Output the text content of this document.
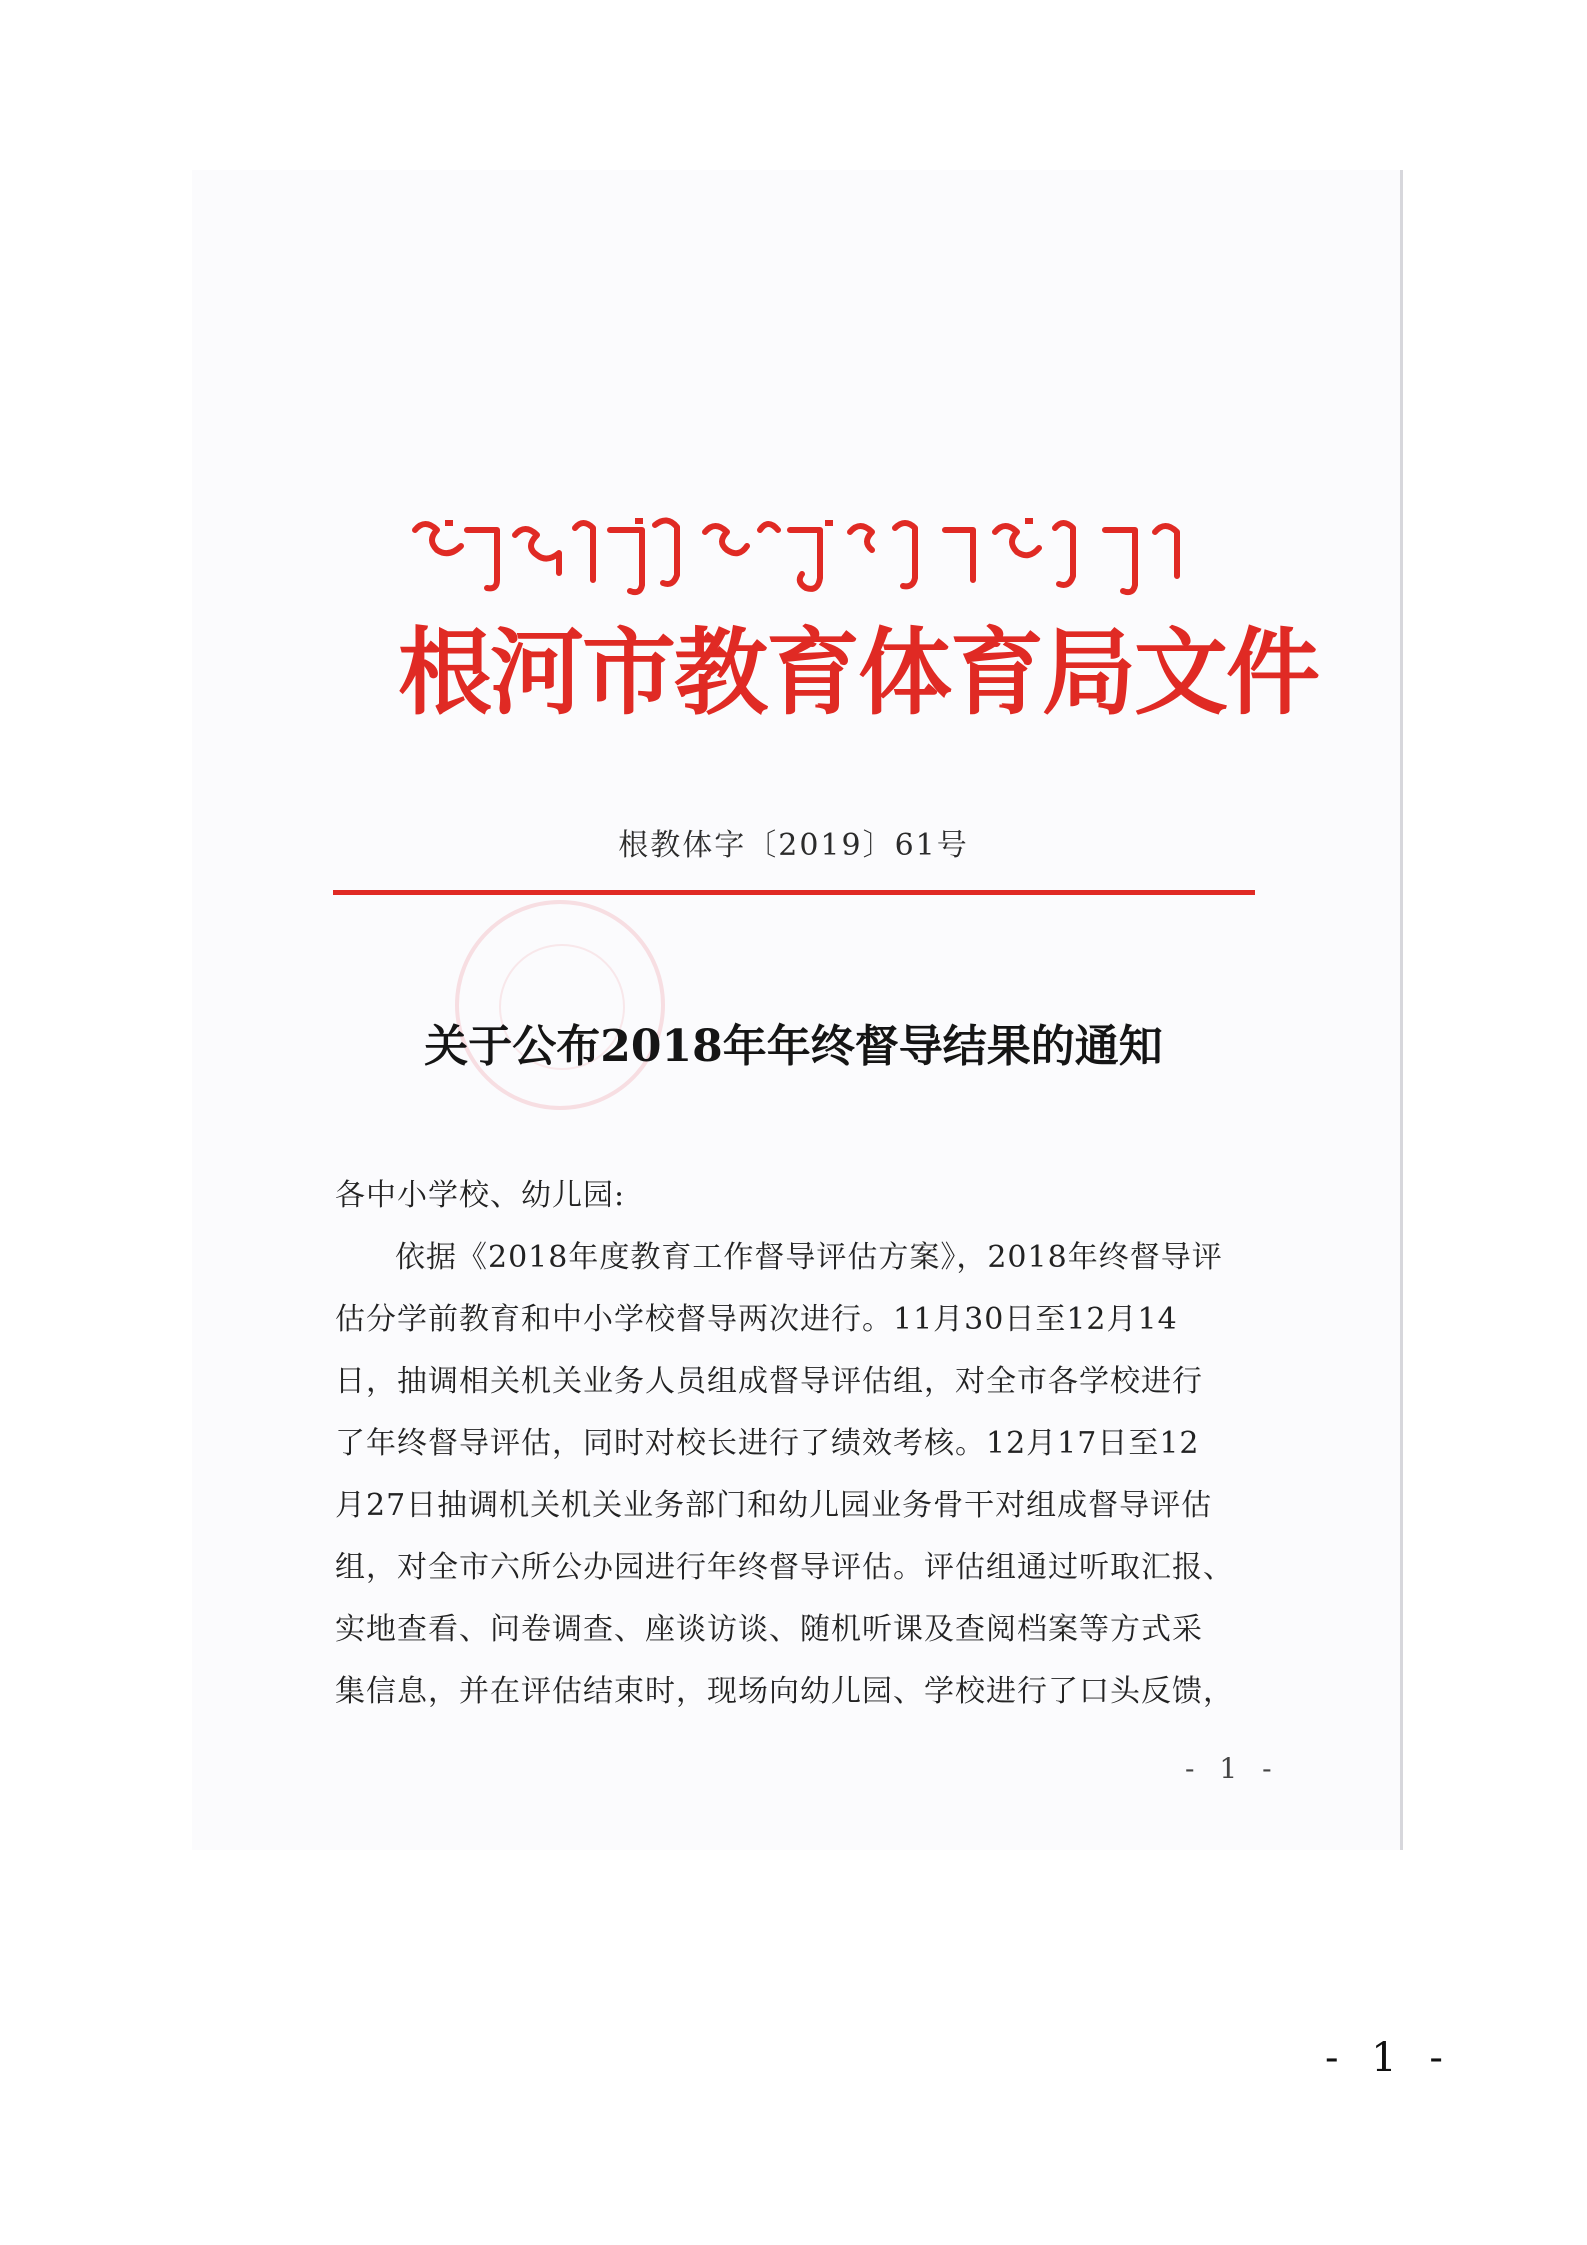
根河市教育体育局文件
根教体字〔2019〕61号
关于公布2018年年终督导结果的通知
各中小学校、幼儿园:
依据《2018年度教育工作督导评估方案》，2018年终督导评
估分学前教育和中小学校督导两次进行。11月30日至12月14
日，抽调相关机关业务人员组成督导评估组，对全市各学校进行
了年终督导评估，同时对校长进行了绩效考核。12月17日至12
月27日抽调机关机关业务部门和幼儿园业务骨干对组成督导评估
组，对全市六所公办园进行年终督导评估。评估组通过听取汇报、
实地查看、问卷调查、座谈访谈、随机听课及查阅档案等方式采
集信息，并在评估结束时，现场向幼儿园、学校进行了口头反馈，
- 1 -
- 1 -
